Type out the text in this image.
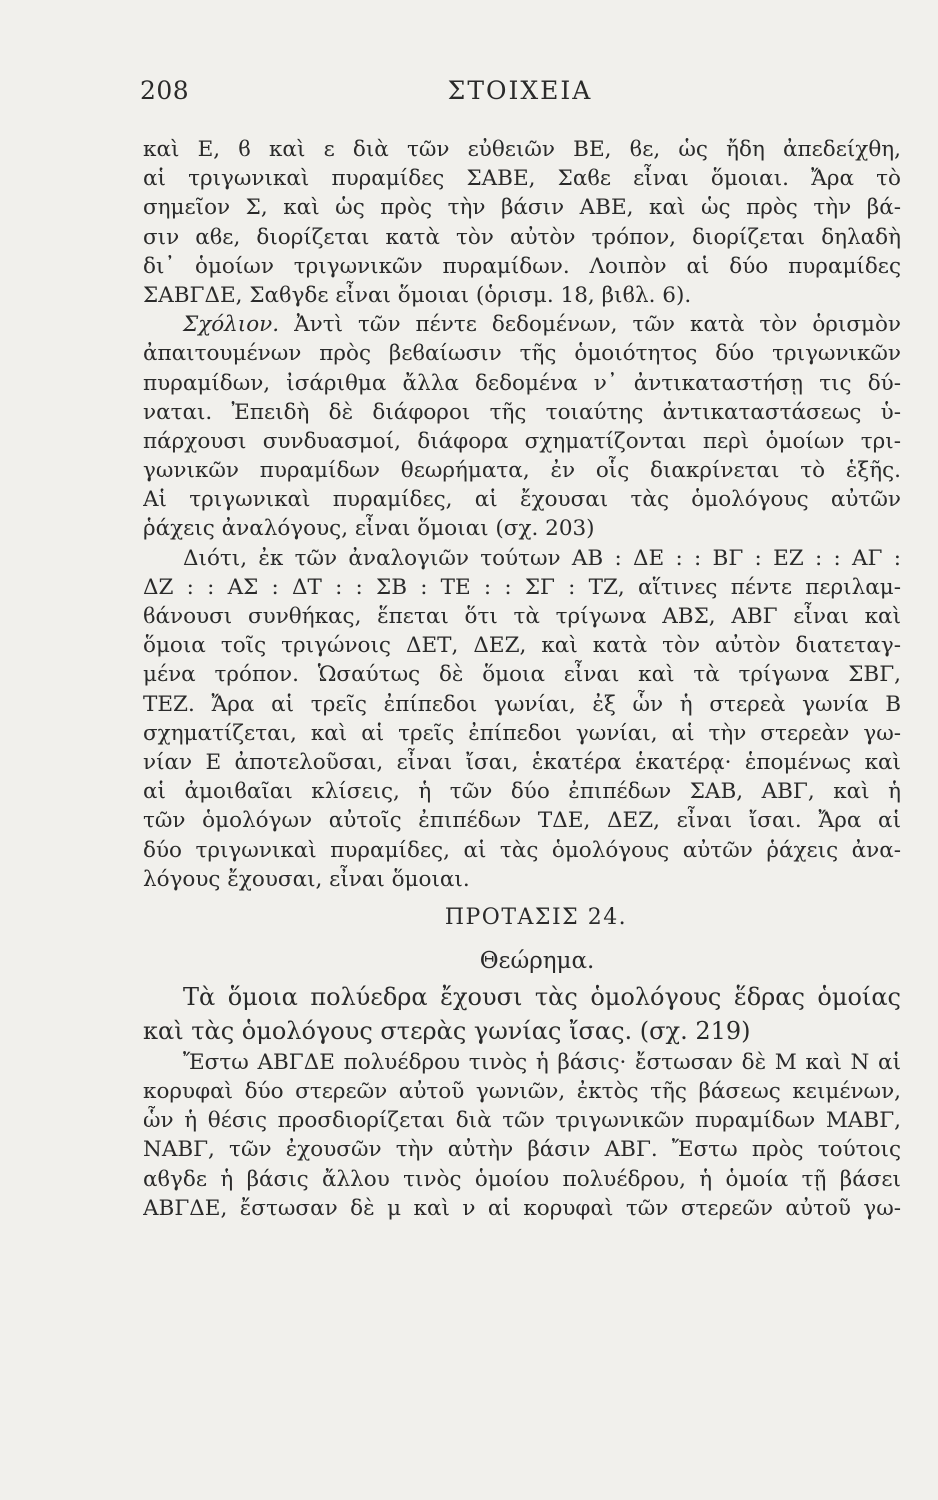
208	ΣΤΟΙΧΕΙΑ
καὶ Ε, ϐ καὶ ε διὰ τῶν εὐθειῶν ΒΕ, ϐε, ὡς ἤδη ἀπεδείχθη,
αἱ τριγωνικαὶ πυραμίδες ΣΑΒΕ, Σαϐε εἶναι ὅμοιαι. Ἄρα τὸ
σημεῖον Σ, καὶ ὡς πρὸς τὴν βάσιν ΑΒΕ, καὶ ὡς πρὸς τὴν βά-
σιν αϐε, διορίζεται κατὰ τὸν αὐτὸν τρόπον, διορίζεται δηλαδὴ
δι᾽ ὁμοίων τριγωνικῶν πυραμίδων. Λοιπὸν αἱ δύο πυραμίδες
ΣΑΒΓΔΕ, Σαϐγδε εἶναι ὅμοιαι (ὁρισμ. 18, βιϐλ. 6).
Σχόλιον. Ἀντὶ τῶν πέντε δεδομένων, τῶν κατὰ τὸν ὁρισμὸν
ἀπαιτουμένων πρὸς βεϐαίωσιν τῆς ὁμοιότητος δύο τριγωνικῶν
πυραμίδων, ἰσάριθμα ἄλλα δεδομένα ν᾽ ἀντικαταστήσῃ τις δύ-
ναται. Ἐπειδὴ δὲ διάφοροι τῆς τοιαύτης ἀντικαταστάσεως ὑ-
πάρχουσι συνδυασμοί, διάφορα σχηματίζονται περὶ ὁμοίων τρι-
γωνικῶν πυραμίδων θεωρήματα, ἐν οἷς διακρίνεται τὸ ἑξῆς.
Αἱ τριγωνικαὶ πυραμίδες, αἱ ἔχουσαι τὰς ὁμολόγους αὐτῶν
ῥάχεις ἀναλόγους, εἶναι ὅμοιαι (σχ. 203)
Διότι, ἐκ τῶν ἀναλογιῶν τούτων ΑΒ : ΔΕ : : ΒΓ : ΕΖ : : ΑΓ :
ΔΖ : : ΑΣ : ΔΤ : : ΣΒ : ΤΕ : : ΣΓ : ΤΖ, αἵτινες πέντε περιλαμ-
ϐάνουσι συνθήκας, ἕπεται ὅτι τὰ τρίγωνα ΑΒΣ, ΑΒΓ εἶναι καὶ
ὅμοια τοῖς τριγώνοις ΔΕΤ, ΔΕΖ, καὶ κατὰ τὸν αὐτὸν διατεταγ-
μένα τρόπον. Ὡσαύτως δὲ ὅμοια εἶναι καὶ τὰ τρίγωνα ΣΒΓ,
ΤΕΖ. Ἄρα αἱ τρεῖς ἐπίπεδοι γωνίαι, ἐξ ὧν ἡ στερεὰ γωνία Β
σχηματίζεται, καὶ αἱ τρεῖς ἐπίπεδοι γωνίαι, αἱ τὴν στερεὰν γω-
νίαν Ε ἀποτελοῦσαι, εἶναι ἴσαι, ἑκατέρα ἑκατέρᾳ· ἑπομένως καὶ
αἱ ἀμοιϐαῖαι κλίσεις, ἡ τῶν δύο ἐπιπέδων ΣΑΒ, ΑΒΓ, καὶ ἡ
τῶν ὁμολόγων αὐτοῖς ἐπιπέδων ΤΔΕ, ΔΕΖ, εἶναι ἴσαι. Ἄρα αἱ
δύο τριγωνικαὶ πυραμίδες, αἱ τὰς ὁμολόγους αὐτῶν ῥάχεις ἀνα-
λόγους ἔχουσαι, εἶναι ὅμοιαι.
ΠΡΟΤΑΣΙΣ 24.
Θεώρημα.
Τὰ ὅμοια πολύεδρα ἔχουσι τὰς ὁμολόγους ἕδρας ὁμοίας
καὶ τὰς ὁμολόγους στερὰς γωνίας ἴσας. (σχ. 219)
Ἔστω ΑΒΓΔΕ πολυέδρου τινὸς ἡ βάσις· ἔστωσαν δὲ Μ καὶ Ν αἱ
κορυφαὶ δύο στερεῶν αὐτοῦ γωνιῶν, ἐκτὸς τῆς βάσεως κειμένων,
ὧν ἡ θέσις προσδιορίζεται διὰ τῶν τριγωνικῶν πυραμίδων ΜΑΒΓ,
ΝΑΒΓ, τῶν ἐχουσῶν τὴν αὐτὴν βάσιν ΑΒΓ. Ἔστω πρὸς τούτοις
αϐγδε ἡ βάσις ἄλλου τινὸς ὁμοίου πολυέδρου, ἡ ὁμοία τῇ βάσει
ΑΒΓΔΕ, ἔστωσαν δὲ μ καὶ ν αἱ κορυφαὶ τῶν στερεῶν αὐτοῦ γω-
